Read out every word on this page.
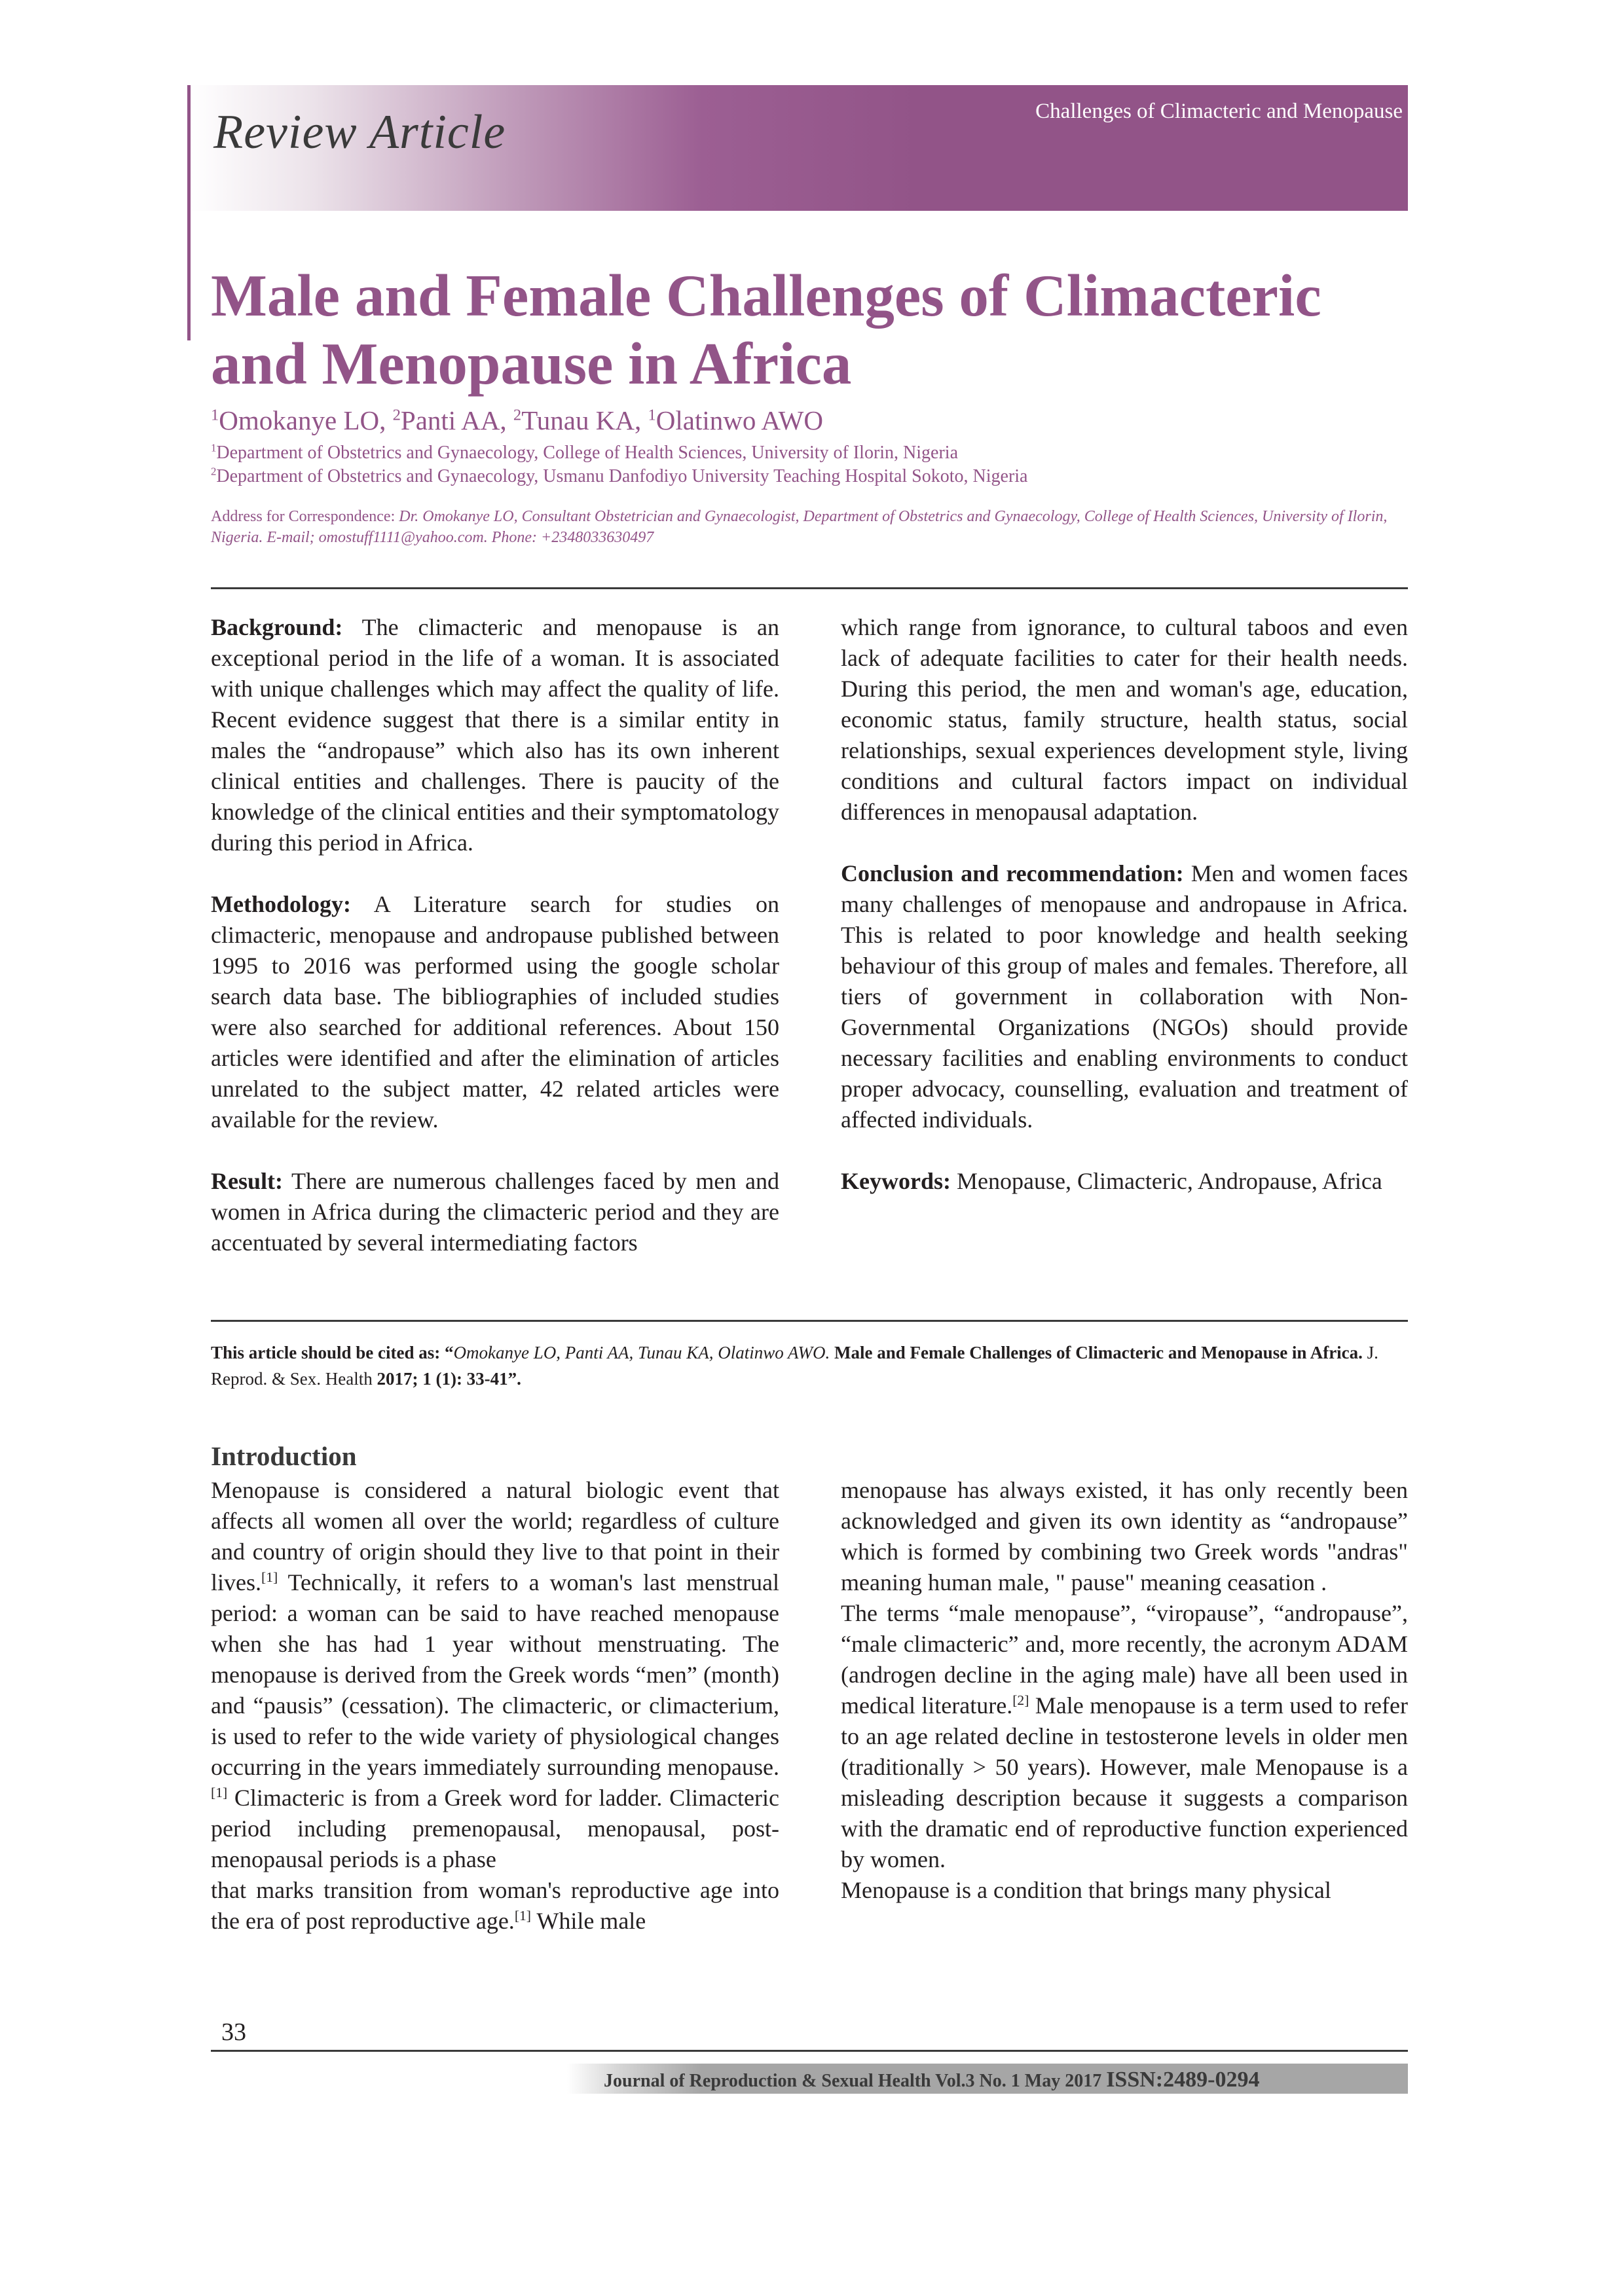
Review Article	Challenges of Climacteric and Menopause
Male and Female Challenges of Climacteric
and Menopause in Africa
$^1$Omokanye LO, $^2$Panti AA, $^2$Tunau KA, $^1$Olatinwo AWO
$^1$Department of Obstetrics and Gynaecology, College of Health Sciences, University of Ilorin, Nigeria
$^2$Department of Obstetrics and Gynaecology, Usmanu Danfodiyo University Teaching Hospital Sokoto, Nigeria
Address for Correspondence: Dr. Omokanye LO, Consultant Obstetrician and Gynaecologist, Department of Obstetrics and Gynaecology, College of Health Sciences, University of Ilorin, Nigeria. E-mail; omostuff1111@yahoo.com. Phone: +2348033630497

Background: The climacteric and menopause is an exceptional period in the life of a woman. It is associated with unique challenges which may affect the quality of life. Recent evidence suggest that there is a similar entity in males the “andropause” which also has its own inherent clinical entities and challenges. There is paucity of the knowledge of the clinical entities and their symptomatology during this period in Africa.

Methodology: A Literature search for studies on climacteric, menopause and andropause published between 1995 to 2016 was performed using the google scholar search data base. The bibliographies of included studies were also searched for additional references. About 150 articles were identified and after the elimination of articles unrelated to the subject matter, 42 related articles were available for the review.

Result: There are numerous challenges faced by men and women in Africa during the climacteric period and they are accentuated by several intermediating factors

which range from ignorance, to cultural taboos and even lack of adequate facilities to cater for their health needs. During this period, the men and woman's age, education, economic status, family structure, health status, social relationships, sexual experiences development style, living conditions and cultural factors impact on individual differences in menopausal adaptation.

Conclusion and recommendation: Men and women faces many challenges of menopause and andropause in Africa. This is related to poor knowledge and health seeking behaviour of this group of males and females. Therefore, all tiers of government in collaboration with Non-Governmental Organizations (NGOs) should provide necessary facilities and enabling environments to conduct proper advocacy, counselling, evaluation and treatment of affected individuals.

Keywords: Menopause, Climacteric, Andropause, Africa

This article should be cited as: “Omokanye LO, Panti AA, Tunau KA, Olatinwo AWO. Male and Female Challenges of Climacteric and Menopause in Africa. J. Reprod. & Sex. Health 2017; 1 (1): 33-41”.
Introduction

Menopause is considered a natural biologic event that affects all women all over the world; regardless of culture and country of origin should they live to that point in their lives.[1] Technically, it refers to a woman's last menstrual period: a woman can be said to have reached menopause when she has had 1 year without menstruating. The menopause is derived from the Greek words “men” (month) and “pausis” (cessation). The climacteric, or climacterium, is used to refer to the wide variety of physiological changes occurring in the years immediately surrounding menopause.[1] Climacteric is from a Greek word for ladder. Climacteric period including premenopausal, menopausal, post-menopausal periods is a phase

that marks transition from woman's reproductive age into the era of post reproductive age.[1] While male

menopause has always existed, it has only recently been acknowledged and given its own identity as “andropause” which is formed by combining two Greek words "andras" meaning human male, " pause" meaning ceasation .

The terms “male menopause”, “viropause”, “andropause”, “male climacteric” and, more recently, the acronym ADAM (androgen decline in the aging male) have all been used in medical literature.[2] Male menopause is a term used to refer to an age related decline in testosterone levels in older men (traditionally > 50 years). However, male Menopause is a misleading description because it suggests a comparison with the dramatic end of reproductive function experienced by women.

Menopause is a condition that brings many physical

33
Journal of Reproduction & Sexual Health Vol.3 No. 1 May 2017 ISSN:2489-0294
